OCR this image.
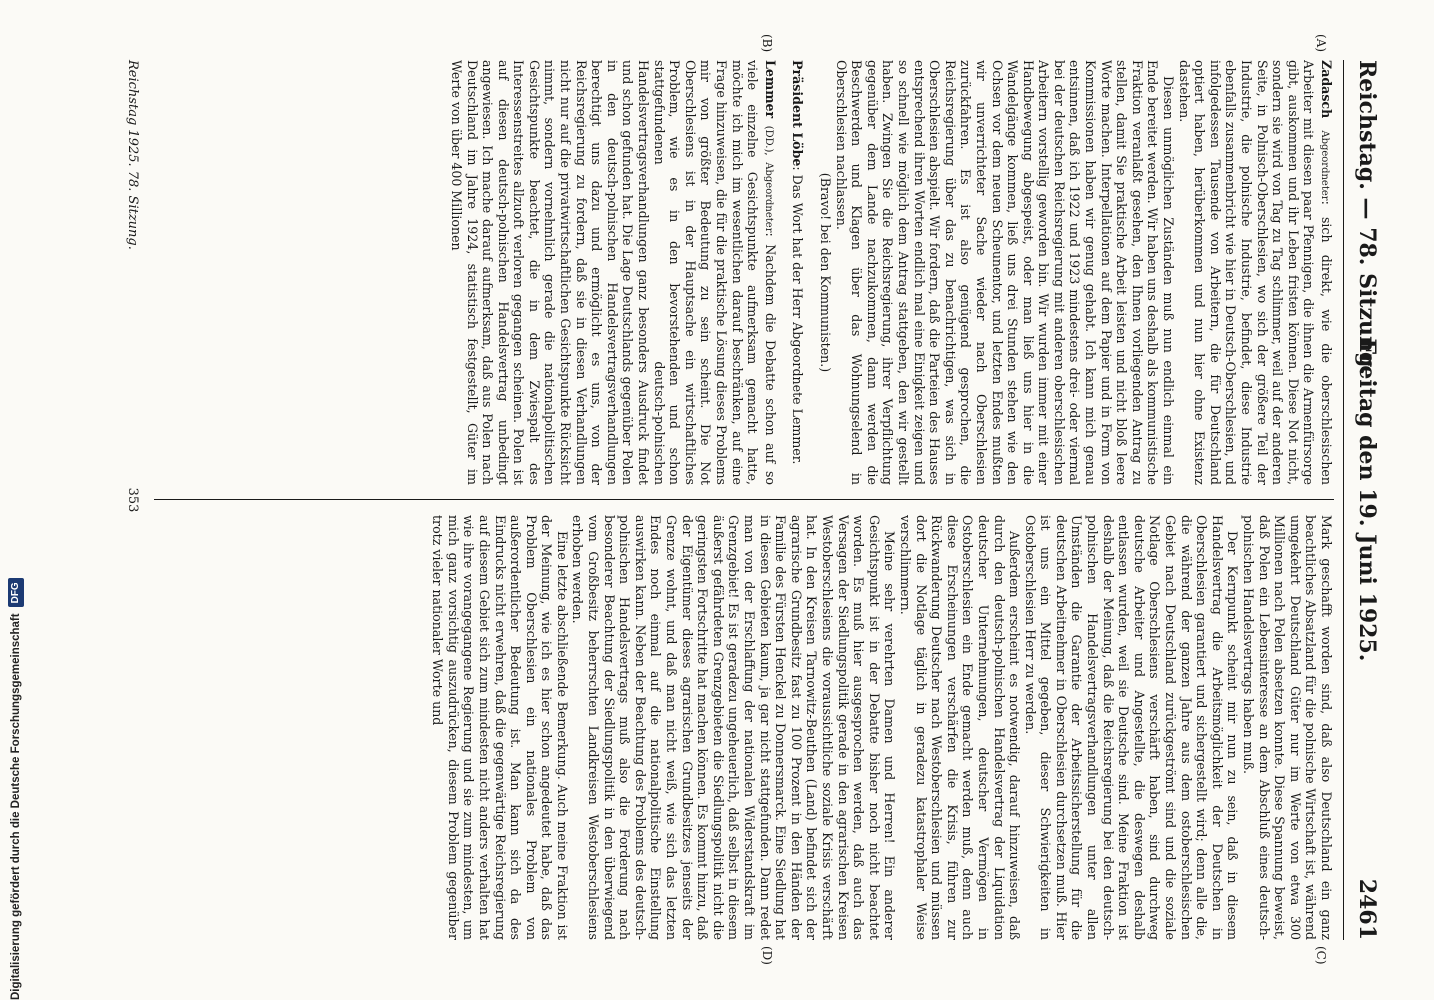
Reichstag. — 78. Sitzung.
Freitag den 19. Juni 1925.
2461

Zadasch Abgeordneter: sich direkt, wie die oberschlesischen Arbeiter mit diesen paar Pfennigen, die ihnen die Armenfürsorge gibt, auskommen und ihr Leben fristen können. Diese Not nicht, sondern sie wird von Tag zu Tag schlimmer, weil auf der anderen Seite, in Polnisch-Oberschlesien, wo sich der größere Teil der Industrie, die polnische Industrie, befindet, diese Industrie ebenfalls zusammenbricht wie hier in Deutsch-Oberschlesien, und infolgedessen Tausende von Arbeitern, die für Deutschland optiert haben, herüberkommen und nun hier ohne Existenz dastehen.

Diesen unmöglichen Zuständen muß nun endlich einmal ein Ende bereitet werden. Wir haben uns deshalb als kommunistische Fraktion veranlaßt gesehen, den Ihnen vorliegenden Antrag zu stellen, damit Sie praktische Arbeit leisten und nicht bloß leere Worte machen. Interpellationen auf dem Papier und in Form von Kommissionen haben wir genug gehabt. Ich kann mich genau entsinnen, daß ich 1922 und 1923 mindestens drei- oder viermal bei der deutschen Reichsregierung mit anderen oberschlesischen Arbeitern vorstellig geworden bin. Wir wurden immer mit einer Handbewegung abgespeist, oder man ließ uns hier in die Wandelgänge kommen, ließ uns drei Stunden stehen wie den Ochsen vor dem neuen Scheunentor, und letzten Endes mußten wir unverrichteter Sache wieder nach Oberschlesien zurückfahren. Es ist also genügend gesprochen, die Reichsregierung über das zu benachrichtigen, was sich in Oberschlesien abspielt. Wir fordern, daß die Parteien des Hauses entsprechend ihren Worten endlich mal eine Einigkeit zeigen und so schnell wie möglich dem Antrag stattgeben, den wir gestellt haben. Zwingen Sie die Reichsregierung, ihrer Verpflichtung gegenüber dem Lande nachzukommen, dann werden die Beschwerden und Klagen über das Wohnungselend in Oberschlesien nachlassen.

(Bravo! bei den Kommunisten.)

Präsident Löbe: Das Wort hat der Herr Abgeordnete Lemmer.

Lemmer (DD.), Abgeordneter: Nachdem die Debatte schon auf so viele einzelne Gesichtspunkte aufmerksam gemacht hatte, möchte ich mich im wesentlichen darauf beschränken, auf eine Frage hinzuweisen, die für die praktische Lösung dieses Problems mir von größter Bedeutung zu sein scheint. Die Not Oberschlesiens ist in der Hauptsache ein wirtschaftliches Problem, wie es in den bevorstehenden und schon stattgefundenen deutsch-polnischen Handelsvertragsverhandlungen ganz besonders Ausdruck findet und schon gefunden hat. Die Lage Deutschlands gegenüber Polen in den deutsch-polnischen Handelsvertragsverhandlungen berechtigt uns dazu und ermöglicht es uns, von der Reichsregierung zu fordern, daß sie in diesen Verhandlungen nicht nur auf die privatwirtschaftlichen Gesichtspunkte Rücksicht nimmt, sondern vornehmlich gerade die nationalpolitischen Gesichtspunkte beachtet, die in dem Zwiespalt des Interessenstreites allzuoft verloren gegangen scheinen. Polen ist auf diesen deutsch-polnischen Handelsvertrag unbedingt angewiesen. Ich mache darauf aufmerksam, daß aus Polen nach Deutschland im Jahre 1924, statistisch festgestellt, Güter im Werte von über 400 Millionen

Mark geschafft worden sind, daß also Deutschland ein ganz beachtliches Absatzland für die polnische Wirtschaft ist, während umgekehrt Deutschland Güter nur im Werte von etwa 300 Millionen nach Polen absetzen konnte. Diese Spannung beweist, daß Polen ein Lebensinteresse an dem Abschluß eines deutsch-polnischen Handelsvertrags haben muß.

Der Kernpunkt scheint mir nun zu sein, daß in diesem Handelsvertrag die Arbeitsmöglichkeit der Deutschen in Oberschlesien garantiert und sichergestellt wird; denn alle die, die während der ganzen Jahre aus dem ostoberschlesischen Gebiet nach Deutschland zurückgeströmt sind und die soziale Notlage Oberschlesiens verschärft haben, sind durchweg deutsche Arbeiter und Angestellte, die deswegen deshalb entlassen wurden, weil sie Deutsche sind. Meine Fraktion ist deshalb der Meinung, daß die Reichsregierung bei den deutsch-polnischen Handelsvertragsverhandlungen unter allen Umständen die Garantie der Arbeitssicherstellung für die deutschen Arbeitnehmer in Oberschlesien durchsetzen muß. Hier ist uns ein Mittel gegeben, dieser Schwierigkeiten in Ostoberschlesien Herr zu werden.

Außerdem erscheint es notwendig, darauf hinzuweisen, daß durch den deutsch-polnischen Handelsvertrag der Liquidation deutscher Unternehmungen, deutscher Vermögen in Ostoberschlesien ein Ende gemacht werden muß, denn auch diese Erscheinungen verschärfen die Krisis, führen zur Rückwanderung Deutscher nach Westoberschlesien und müssen dort die Notlage täglich in geradezu katastrophaler Weise verschlimmern.

Meine sehr verehrten Damen und Herren! Ein anderer Gesichtspunkt ist in der Debatte bisher noch nicht beachtet worden. Es muß hier ausgesprochen werden, daß auch das Versagen der Siedlungspolitik gerade in den agrarischen Kreisen Westoberschlesiens die voraussichtliche soziale Krisis verschärft hat. In den Kreisen Tarnowitz-Beuthen (Land) befindet sich der agrarische Grundbesitz fast zu 100 Prozent in den Händen der Familie des Fürsten Henckel zu Donnersmarck. Eine Siedlung hat in diesen Gebieten kaum, ja gar nicht stattgefunden. Dann redet man von der Erschlaffung der nationalen Widerstandskraft im Grenzgebiet! Es ist geradezu ungeheuerlich, daß selbst in diesem äußerst gefährdeten Grenzgebieten die Siedlungspolitik nicht die geringsten Fortschritte hat machen können. Es kommt hinzu, daß der Eigentümer dieses agrarischen Grundbesitzes jenseits der Grenze wohnt, und daß man nicht weiß, wie sich das letzten Endes noch einmal auf die nationalpolitische Einstellung auswirken kann. Neben der Beachtung des Problems des deutsch-polnischen Handelsvertrags muß also die Forderung nach besonderer Beachtung der Siedlungspolitik in den überwiegend vom Großbesitz beherrschten Landkreisen Westoberschlesiens erhoben werden.

Eine letzte abschließende Bemerkung. Auch meine Fraktion ist der Meinung, wie ich es hier schon angedeutet habe, daß das Problem Oberschlesien ein nationales Problem von außerordentlicher Bedeutung ist. Man kann sich da des Eindrucks nicht erwehren, daß die gegenwärtige Reichsregierung auf diesem Gebiet sich zum mindesten nicht anders verhalten hat wie ihre vorangegangene Regierung und sie zum mindesten, um mich ganz vorsichtig auszudrücken, diesem Problem gegenüber trotz vieler nationaler Worte und

(A)
(B)
(C)
(D)
Reichstag 1925. 78. Sitzung.
353
Digitalisierung gefördert durch die Deutsche Forschungsgemeinschaft
DFG
